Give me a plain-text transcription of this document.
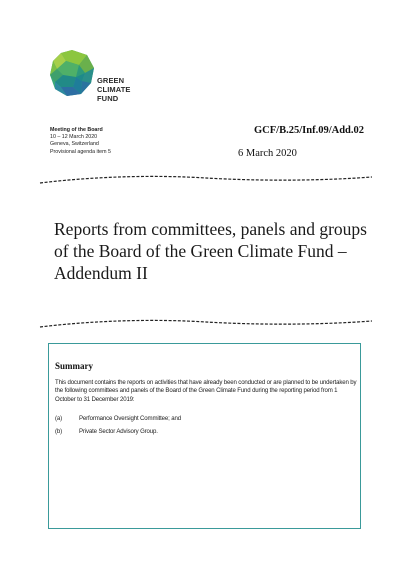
GREEN
CLIMATE
FUND
Meeting of the Board
10 – 12 March 2020
Geneva, Switzerland
Provisional agenda item 5
GCF/B.25/Inf.09/Add.02
6 March 2020
Reports from committees, panels and groups of the Board of the Green Climate Fund – Addendum II
Summary
This document contains the reports on activities that have already been conducted or are planned to be undertaken by the following committees and panels of the Board of the Green Climate Fund during the reporting period from 1 October to 31 December 2019:
(a)	Performance Oversight Committee; and
(b)	Private Sector Advisory Group.
